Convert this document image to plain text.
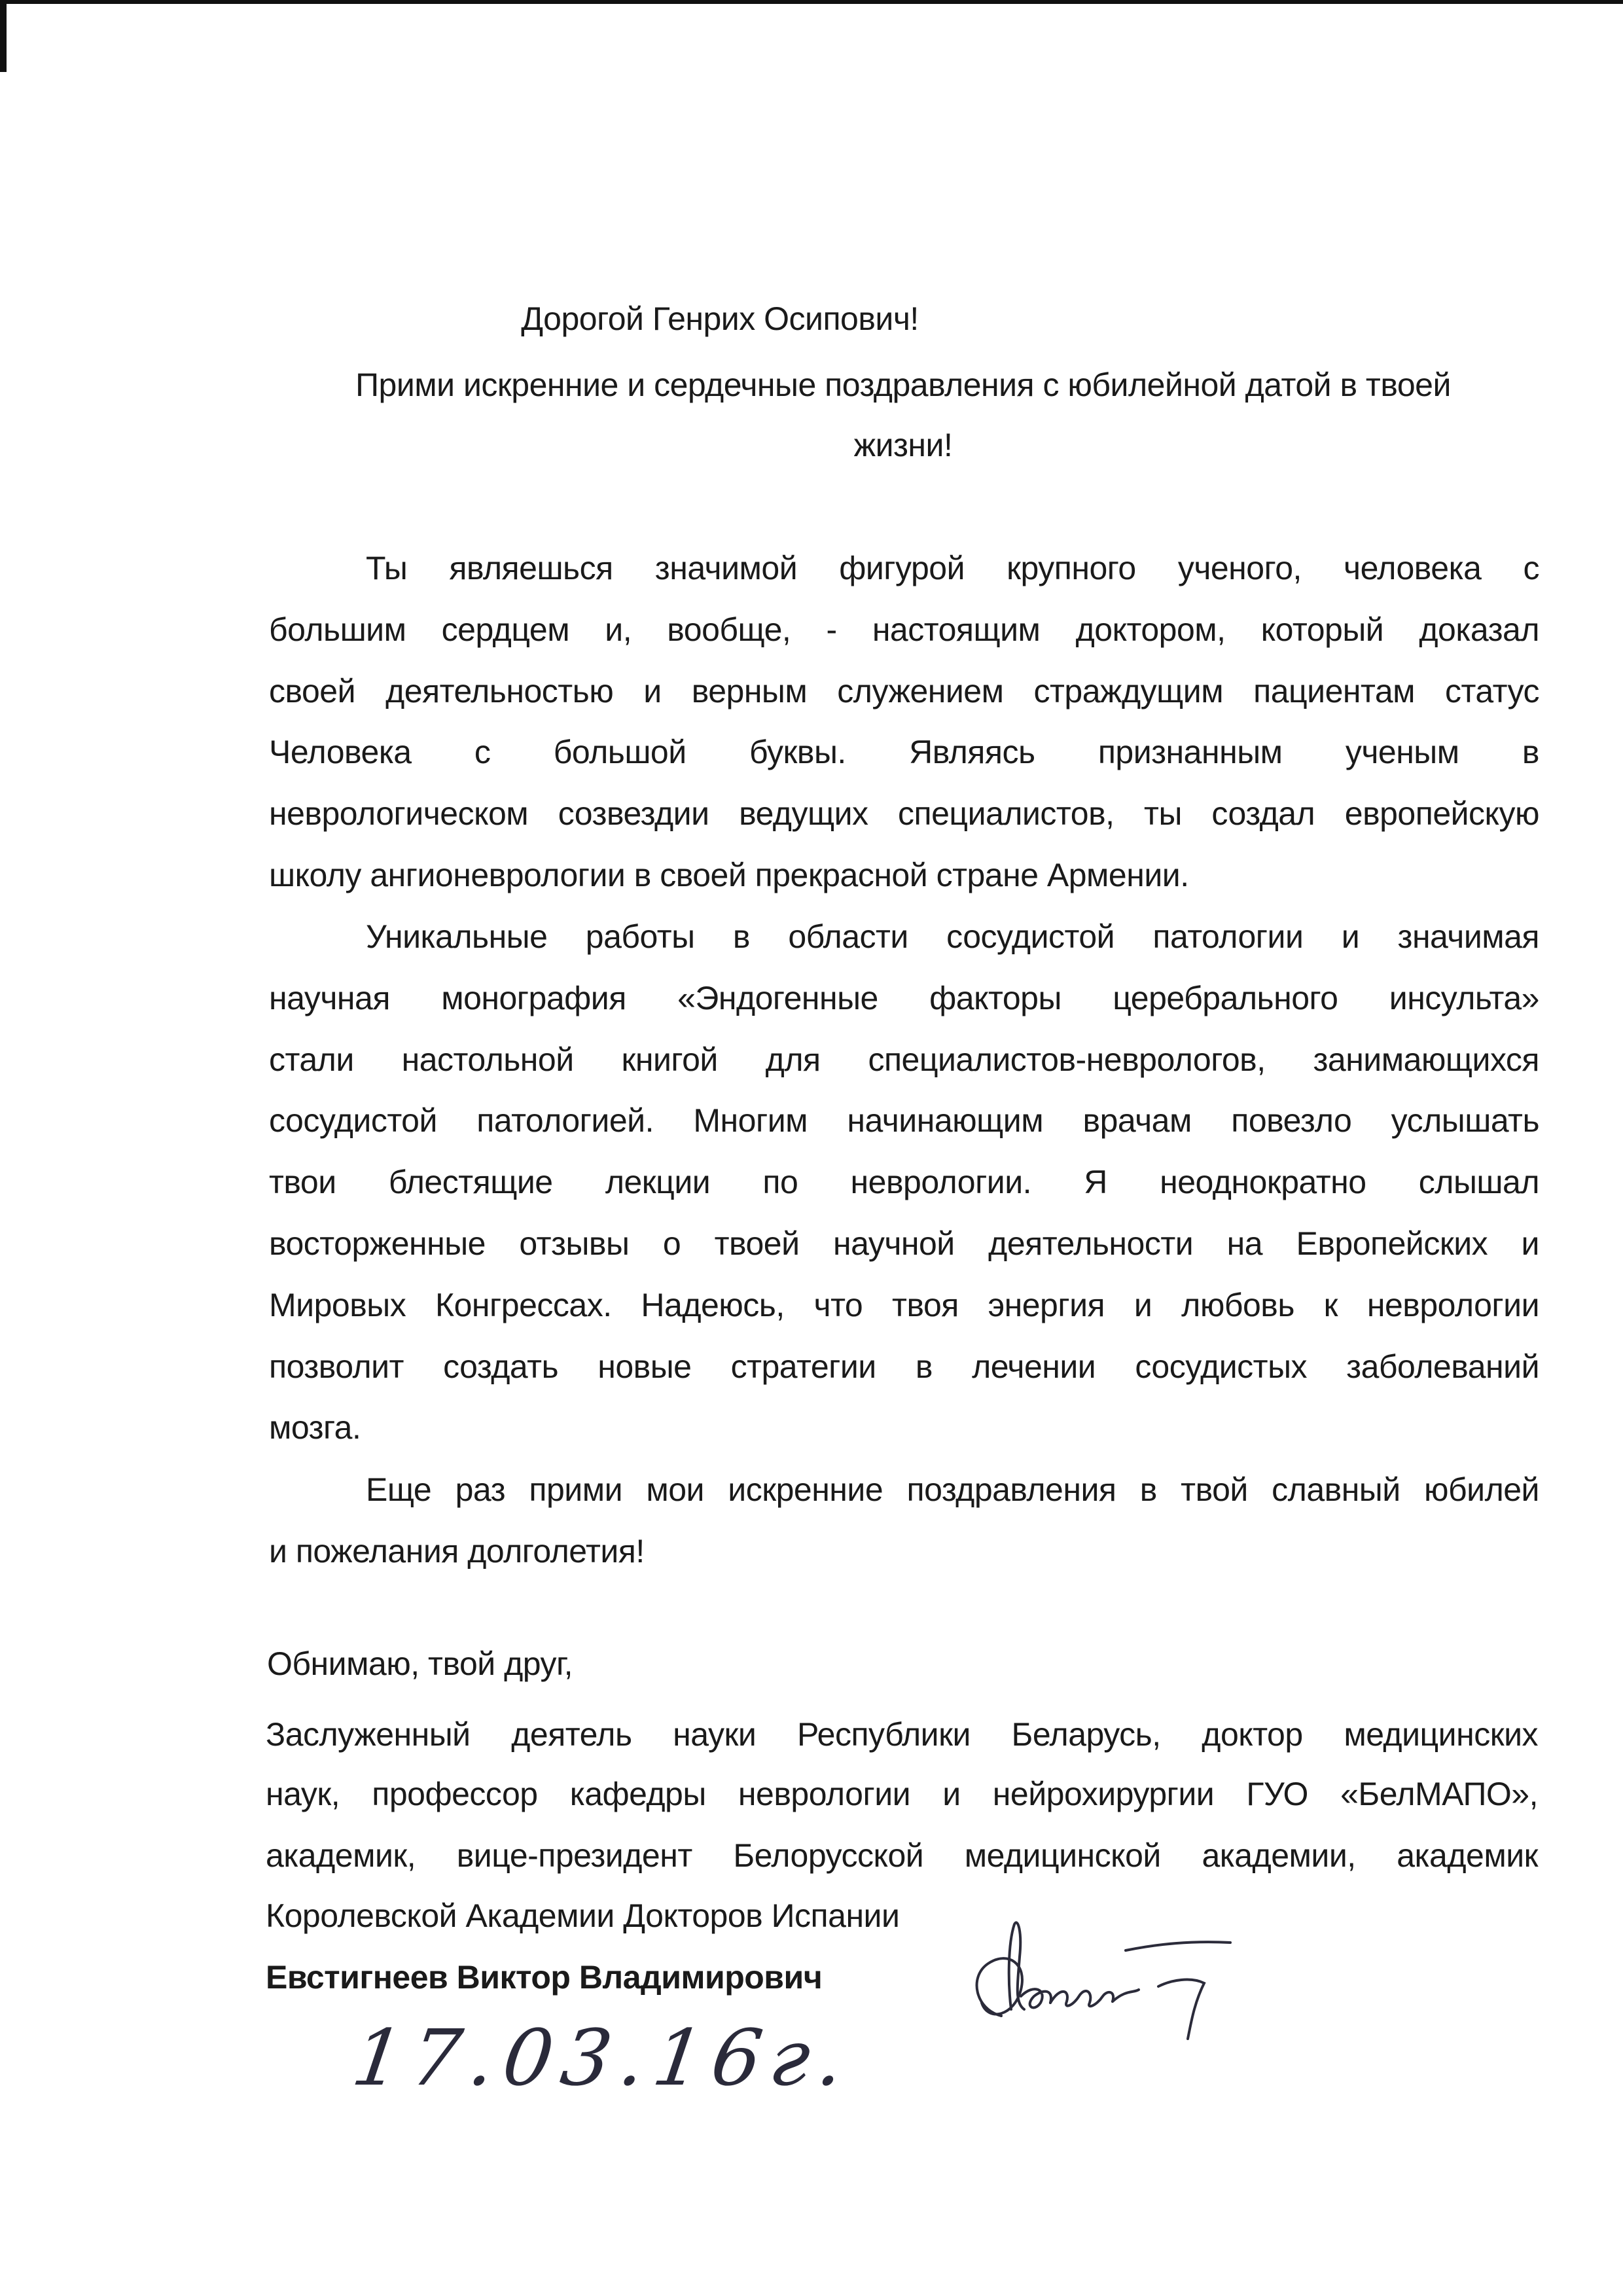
Дорогой Генрих Осипович!
Прими искренние и сердечные поздравления с юбилейной датой в твоей
жизни!
Ты являешься значимой фигурой крупного ученого, человека с
большим сердцем и, вообще, - настоящим доктором, который доказал
своей деятельностью и верным служением страждущим пациентам статус
Человека с большой буквы. Являясь признанным ученым в
неврологическом созвездии ведущих специалистов, ты создал европейскую
школу ангионеврологии в своей прекрасной стране Армении.
Уникальные работы в области сосудистой патологии и значимая
научная монография «Эндогенные факторы церебрального инсульта»
стали настольной книгой для специалистов-неврологов, занимающихся
сосудистой патологией. Многим начинающим врачам повезло услышать
твои блестящие лекции по неврологии. Я неоднократно слышал
восторженные отзывы о твоей научной деятельности на Европейских и
Мировых Конгрессах. Надеюсь, что твоя энергия и любовь к неврологии
позволит создать новые стратегии в лечении сосудистых заболеваний
мозга.
Еще раз прими мои искренние поздравления в твой славный юбилей
и пожелания долголетия!
Обнимаю, твой друг,
Заслуженный деятель науки Республики Беларусь, доктор медицинских
наук, профессор кафедры неврологии и нейрохирургии ГУО «БелМАПО»,
академик, вице-президент Белорусской медицинской академии, академик
Королевской Академии Докторов Испании
Евстигнеев Виктор Владимирович
17.03.16г.
